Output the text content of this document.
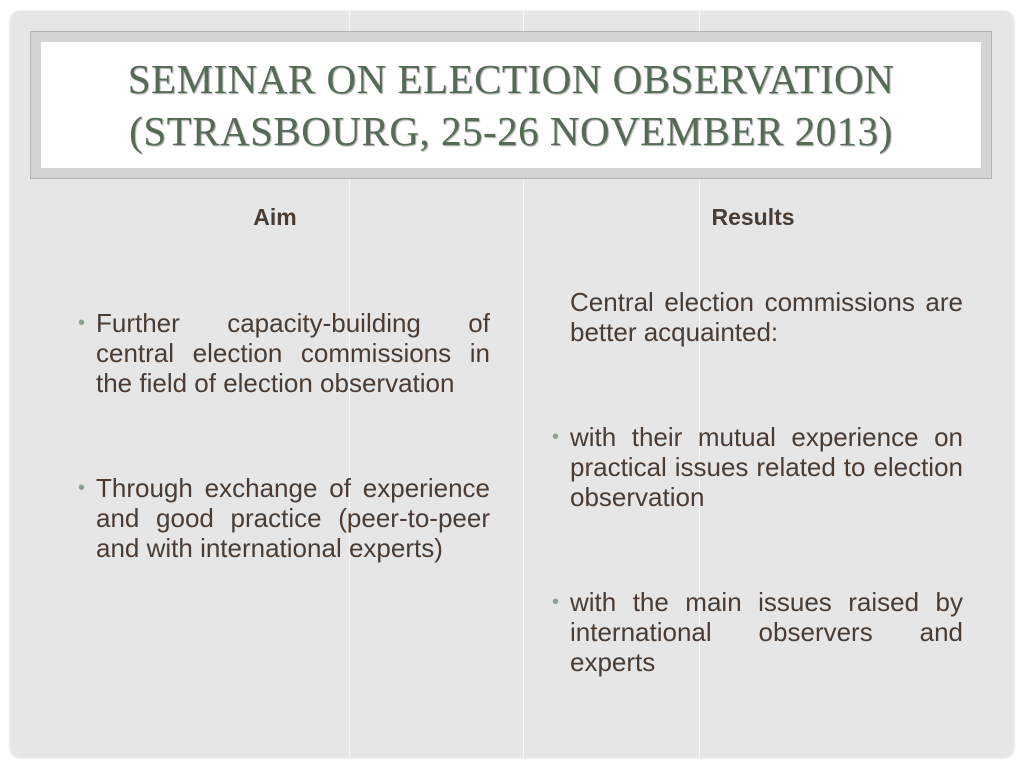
SEMINAR ON ELECTION OBSERVATION
(STRASBOURG, 25-26 NOVEMBER 2013)
Aim	Results
• Further capacity-building of central election commissions in the field of election observation
• Through exchange of experience and good practice (peer-to-peer and with international experts)
Central election commissions are better acquainted:
• with their mutual experience on practical issues related to election observation
• with the main issues raised by international observers and experts
